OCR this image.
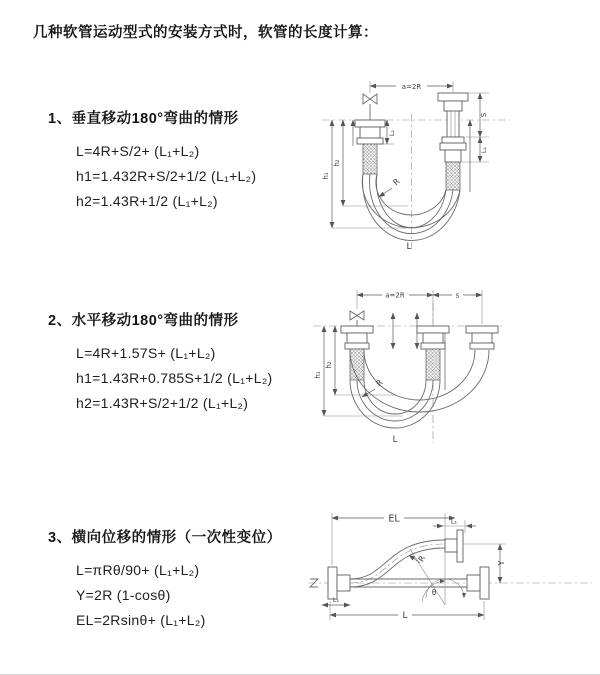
几种软管运动型式的安装方式时，软管的长度计算：
1、垂直移动180°弯曲的情形
L=4R+S/2+ (L₁+L₂)
h1=1.432R+S/2+1/2 (L₁+L₂)
h2=1.43R+1/2 (L₁+L₂)
2、水平移动180°弯曲的情形
L=4R+1.57S+ (L₁+L₂)
h1=1.43R+0.785S+1/2 (L₁+L₂)
h2=1.43R+S/2+1/2 (L₁+L₂)
3、横向位移的情形（一次性变位）
L=πRθ/90+ (L₁+L₂)
Y=2R (1-cosθ)
EL=2Rsinθ+ (L₁+L₂)
a=2R
h₁
h₂
L₁
S
L₁
R
L
a=2R	s
h₁
h₂
R
L
EL	L₁
R
θ
Y
L
L₁
